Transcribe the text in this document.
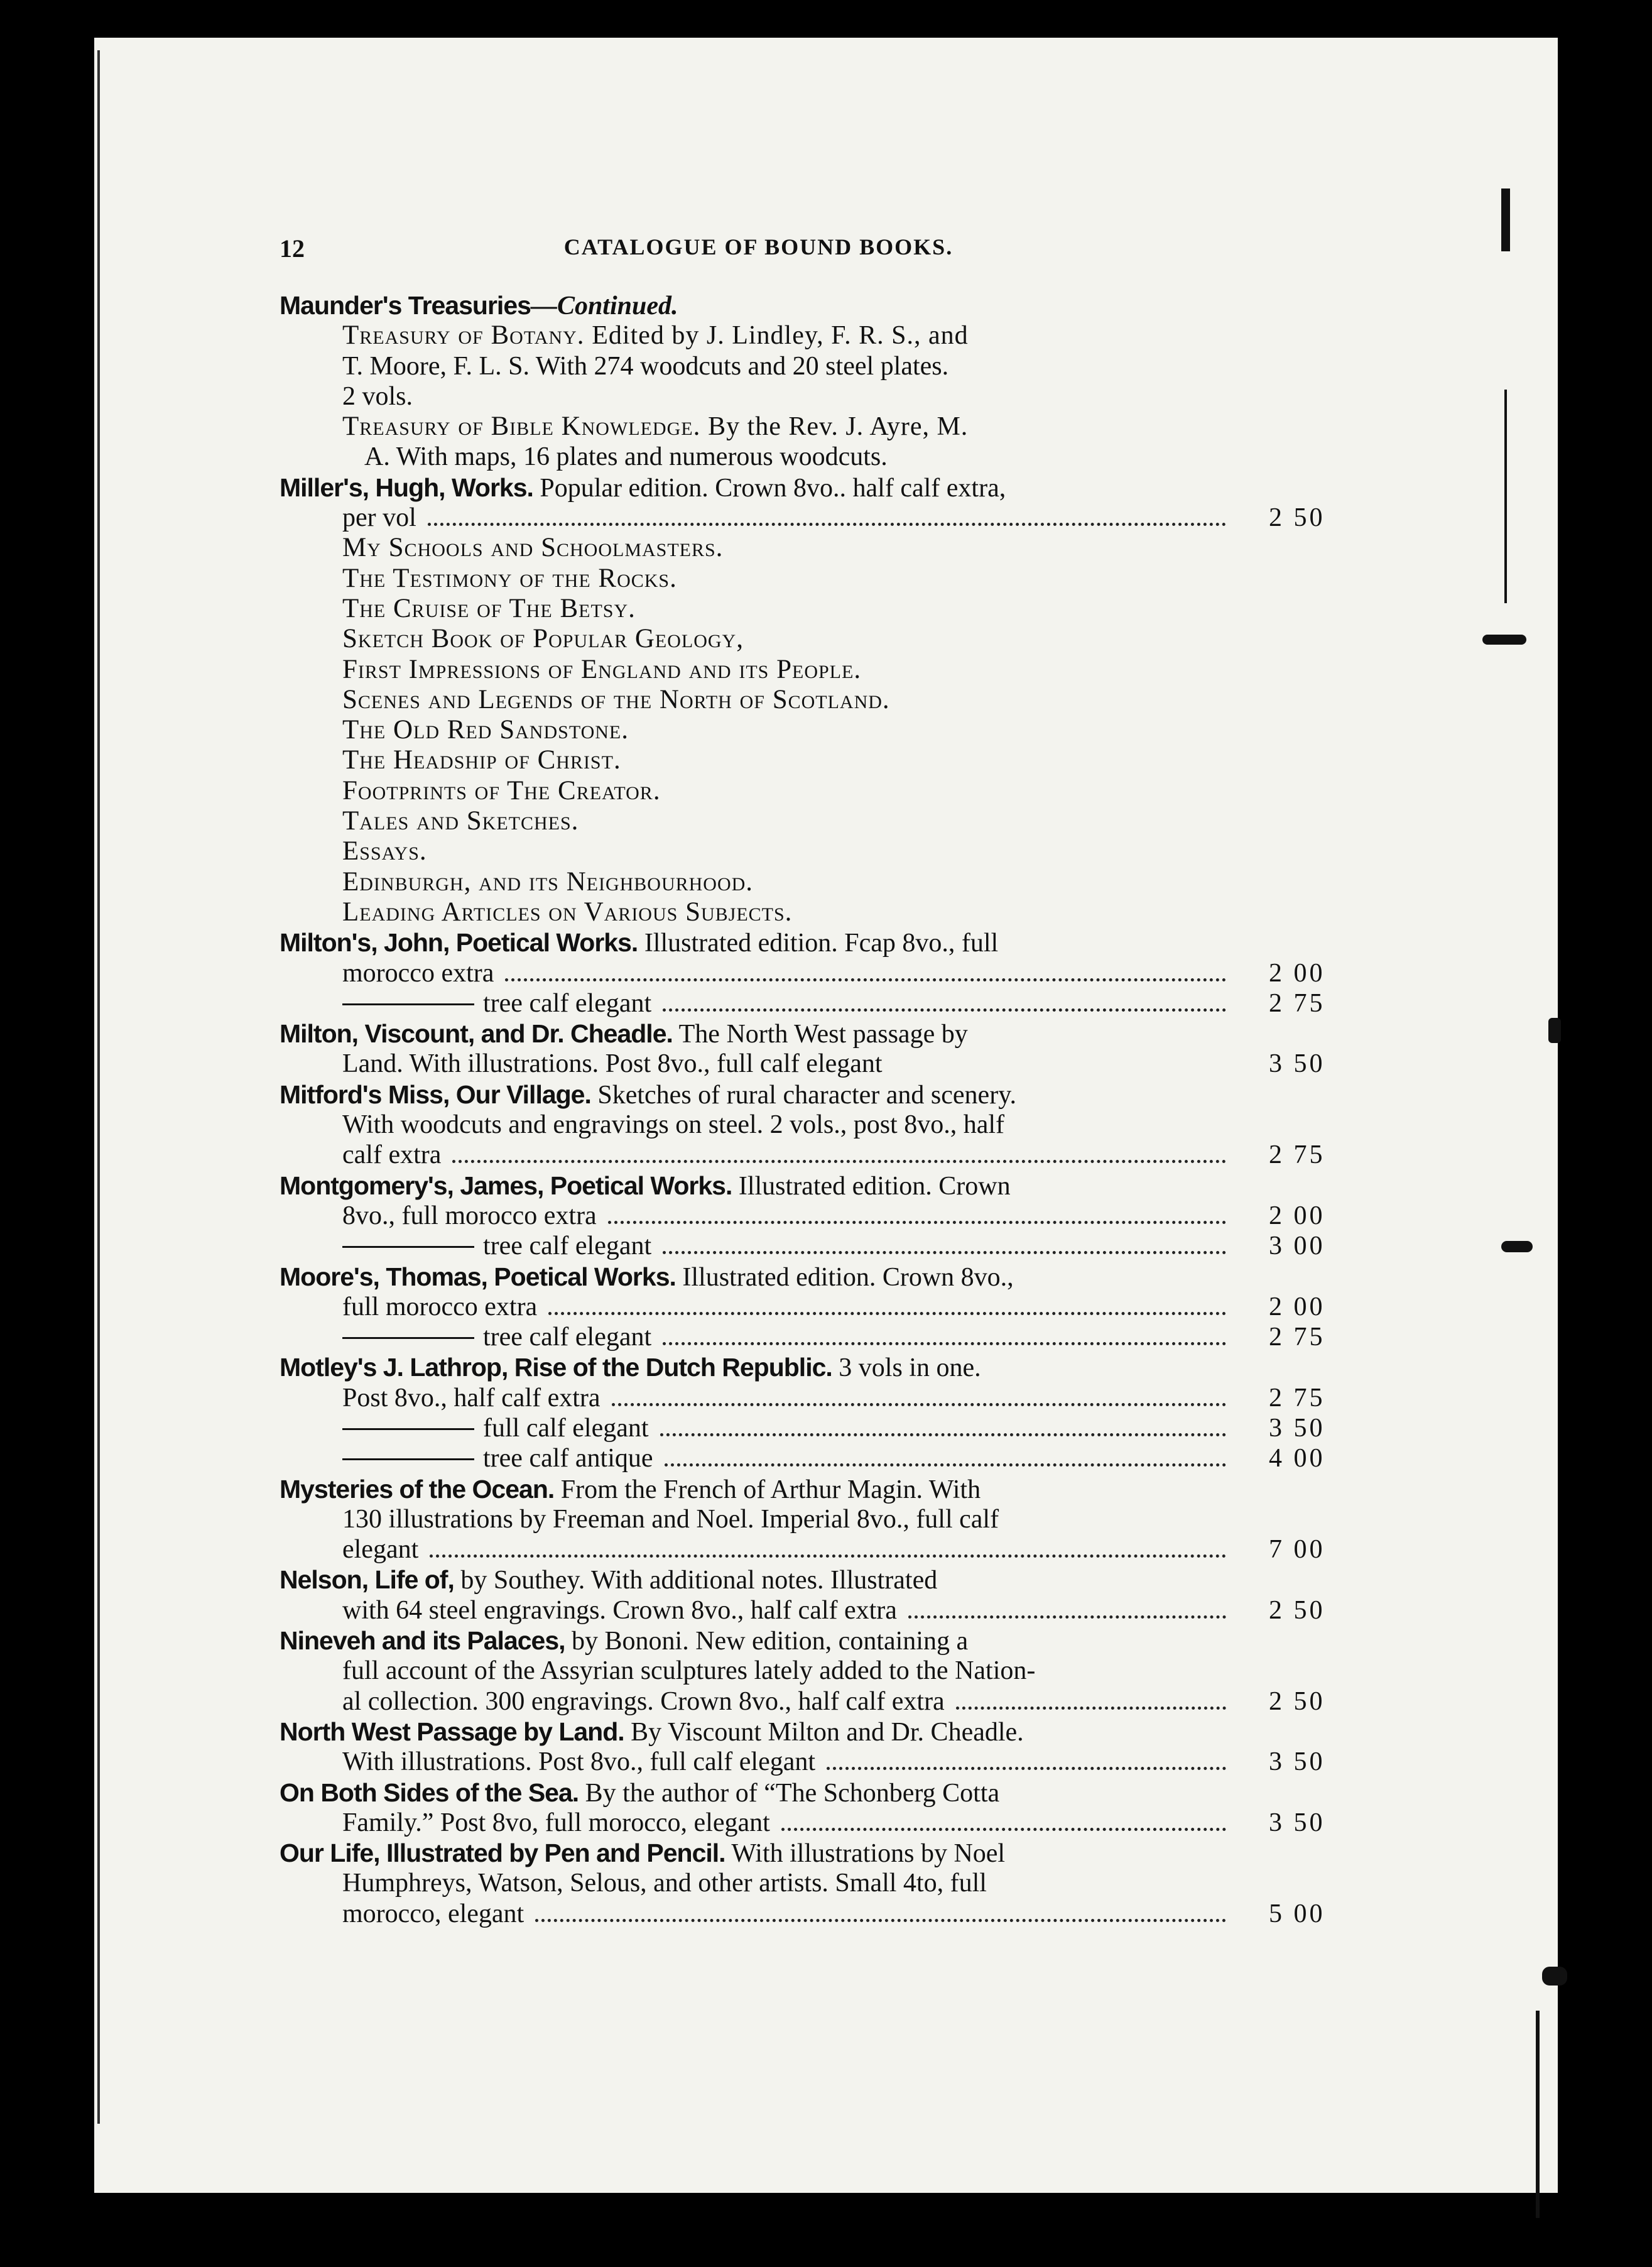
12	CATALOGUE OF BOUND BOOKS.
Maunder's Treasuries—Continued.
Treasury of Botany. Edited by J. Lindley, F. R. S., and
T. Moore, F. L. S. With 274 woodcuts and 20 steel plates.
2 vols.
Treasury of Bible Knowledge. By the Rev. J. Ayre, M.
A. With maps, 16 plates and numerous woodcuts.
Miller's, Hugh, Works. Popular edition. Crown 8vo.. half calf extra,
per vol	2 50
My Schools and Schoolmasters.
The Testimony of the Rocks.
The Cruise of The Betsy.
Sketch Book of Popular Geology,
First Impressions of England and its People.
Scenes and Legends of the North of Scotland.
The Old Red Sandstone.
The Headship of Christ.
Footprints of The Creator.
Tales and Sketches.
Essays.
Edinburgh, and its Neighbourhood.
Leading Articles on Various Subjects.
Milton's, John, Poetical Works. Illustrated edition. Fcap 8vo., full
morocco extra	2 00
tree calf elegant	2 75
Milton, Viscount, and Dr. Cheadle. The North West passage by
Land. With illustrations. Post 8vo., full calf elegant	3 50
Mitford's Miss, Our Village. Sketches of rural character and scenery.
With woodcuts and engravings on steel. 2 vols., post 8vo., half
calf extra	2 75
Montgomery's, James, Poetical Works. Illustrated edition. Crown
8vo., full morocco extra	2 00
tree calf elegant	3 00
Moore's, Thomas, Poetical Works. Illustrated edition. Crown 8vo.,
full morocco extra	2 00
tree calf elegant	2 75
Motley's J. Lathrop, Rise of the Dutch Republic. 3 vols in one.
Post 8vo., half calf extra	2 75
full calf elegant	3 50
tree calf antique	4 00
Mysteries of the Ocean. From the French of Arthur Magin. With
130 illustrations by Freeman and Noel. Imperial 8vo., full calf
elegant	7 00
Nelson, Life of, by Southey. With additional notes. Illustrated
with 64 steel engravings. Crown 8vo., half calf extra	2 50
Nineveh and its Palaces, by Bononi. New edition, containing a
full account of the Assyrian sculptures lately added to the Nation-
al collection. 300 engravings. Crown 8vo., half calf extra	2 50
North West Passage by Land. By Viscount Milton and Dr. Cheadle.
With illustrations. Post 8vo., full calf elegant	3 50
On Both Sides of the Sea. By the author of “The Schonberg Cotta
Family.” Post 8vo, full morocco, elegant	3 50
Our Life, Illustrated by Pen and Pencil. With illustrations by Noel
Humphreys, Watson, Selous, and other artists. Small 4to, full
morocco, elegant	5 00
